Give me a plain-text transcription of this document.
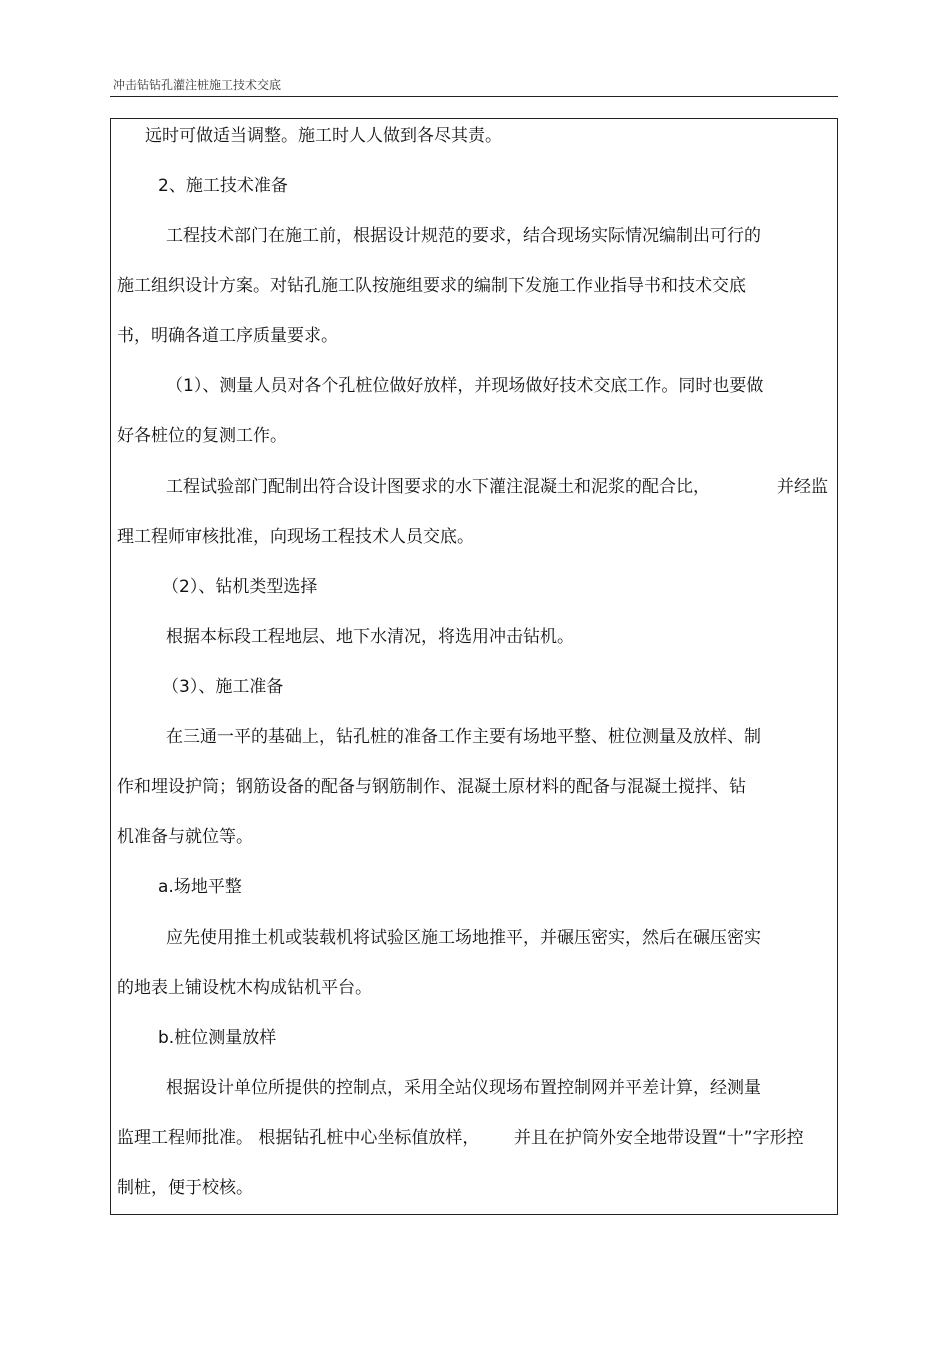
冲击钻钻孔灌注桩施工技术交底
远时可做适当调整。施工时人人做到各尽其责。
2、施工技术准备
工程技术部门在施工前，根据设计规范的要求，结合现场实际情况编制出可行的
施工组织设计方案。对钻孔施工队按施组要求的编制下发施工作业指导书和技术交底
书，明确各道工序质量要求。
（1）、测量人员对各个孔桩位做好放样，并现场做好技术交底工作。同时也要做
好各桩位的复测工作。
工程试验部门配制出符合设计图要求的水下灌注混凝土和泥浆的配合比，	并经监
理工程师审核批准，向现场工程技术人员交底。
（2）、钻机类型选择
根据本标段工程地层、地下水清况，将选用冲击钻机。
（3）、施工准备
在三通一平的基础上，钻孔桩的准备工作主要有场地平整、桩位测量及放样、制
作和埋设护筒；钢筋设备的配备与钢筋制作、混凝土原材料的配备与混凝土搅拌、钻
机准备与就位等。
a.场地平整
应先使用推土机或装载机将试验区施工场地推平，并碾压密实，然后在碾压密实
的地表上铺设枕木构成钻机平台。
b.桩位测量放样
根据设计单位所提供的控制点，采用全站仪现场布置控制网并平差计算，经测量
监理工程师批准。 根据钻孔桩中心坐标值放样， 并且在护筒外安全地带设置“十”字形控
制桩，便于校核。
